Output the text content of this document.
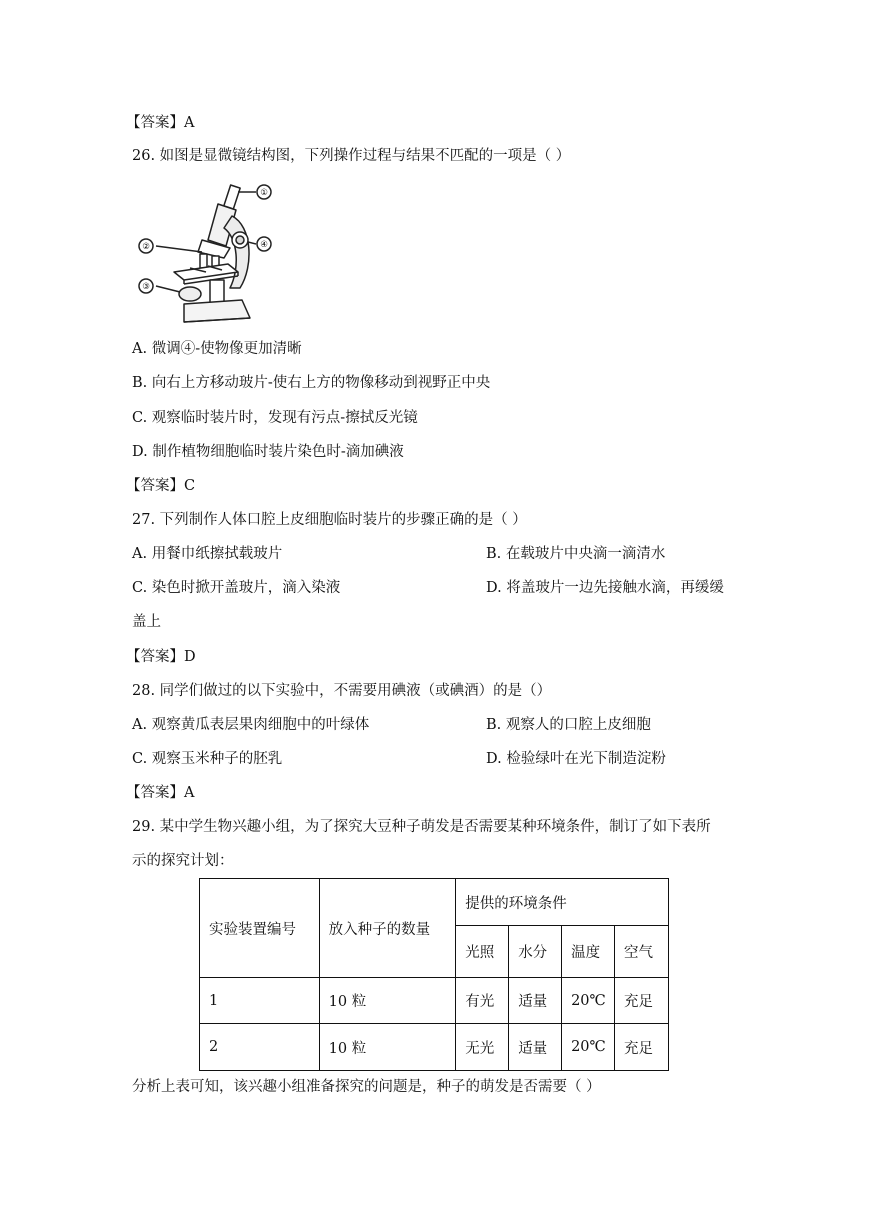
【答案】A
26. 如图是显微镜结构图，下列操作过程与结果不匹配的一项是（ ）
①
②
③
④
A. 微调④-使物像更加清晰
B. 向右上方移动玻片-使右上方的物像移动到视野正中央
C. 观察临时装片时，发现有污点-擦拭反光镜
D. 制作植物细胞临时装片染色时-滴加碘液
【答案】C
27. 下列制作人体口腔上皮细胞临时装片的步骤正确的是（ ）
A. 用餐巾纸擦拭载玻片	B. 在载玻片中央滴一滴清水
C. 染色时掀开盖玻片，滴入染液	D. 将盖玻片一边先接触水滴，再缓缓
盖上
【答案】D
28. 同学们做过的以下实验中，不需要用碘液（或碘酒）的是（）
A. 观察黄瓜表层果肉细胞中的叶绿体	B. 观察人的口腔上皮细胞
C. 观察玉米种子的胚乳	D. 检验绿叶在光下制造淀粉
【答案】A
29. 某中学生物兴趣小组，为了探究大豆种子萌发是否需要某种环境条件，制订了如下表所
示的探究计划：
实验装置编号	放入种子的数量	提供的环境条件			
		光照	水分	温度	空气
1	10 粒	有光	适量	20℃	充足
2	10 粒	无光	适量	20℃	充足
分析上表可知，该兴趣小组准备探究的问题是，种子的萌发是否需要（ ）
